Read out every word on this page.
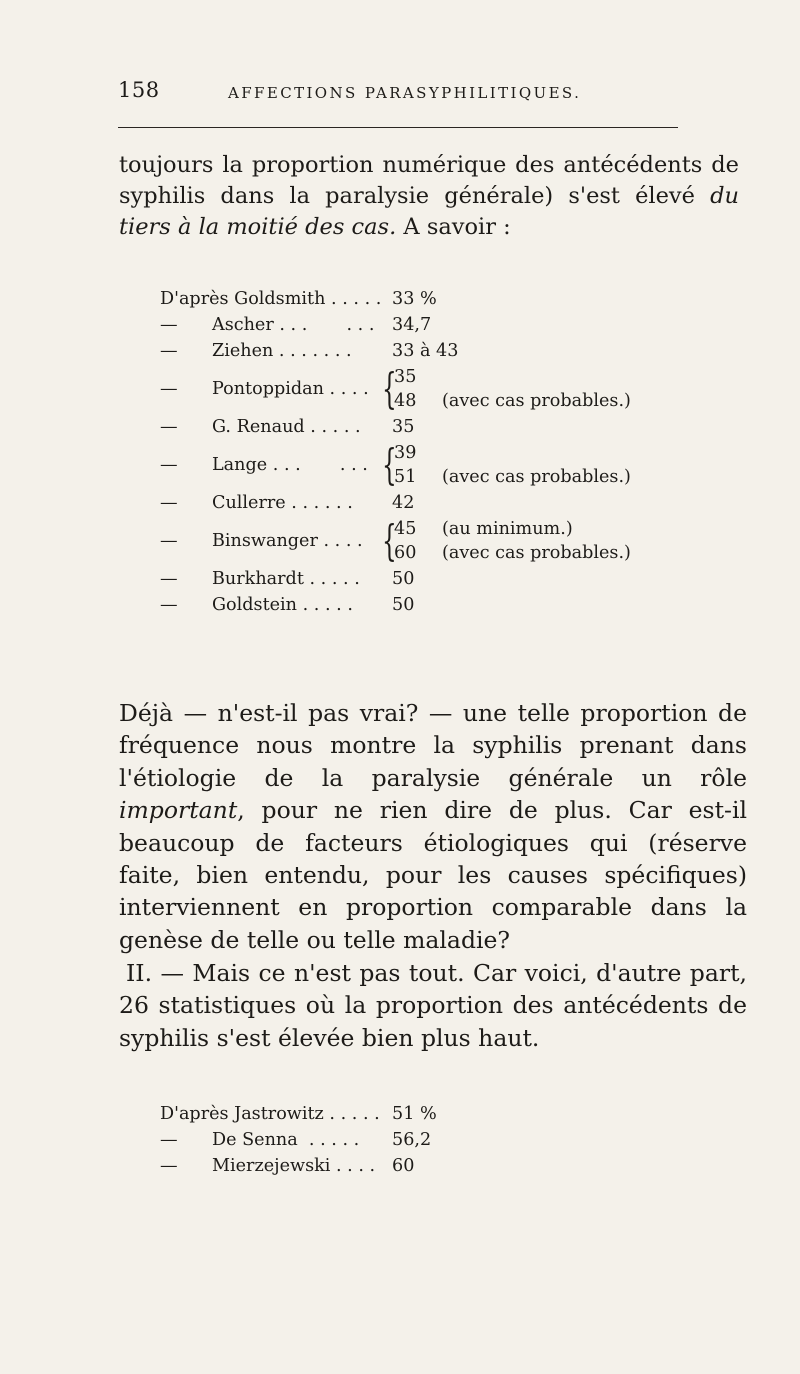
158	AFFECTIONS PARASYPHILITIQUES.

toujours la proportion numérique des antécédents de syphilis dans la paralysie générale) s'est élevé du tiers à la moitié des cas. A savoir :

D'après Goldsmith . . . . . 33 %
— Ascher . . .       . . . 34,7
— Ziehen . . . . . . . 33 à 43
— Pontoppidan . . . . {
35
48 (avec cas probables.)
— G. Renaud . . . . . 35
— Lange . . .       . . . {
39
51 (avec cas probables.)
— Cullerre . . . . . . 42
— Binswanger . . . . {
45 (au minimum.)
60 (avec cas probables.)
— Burkhardt . . . . . 50
— Goldstein . . . . . 50

Déjà — n'est-il pas vrai? — une telle proportion de fréquence nous montre la syphilis prenant dans l'étiologie de la paralysie générale un rôle important, pour ne rien dire de plus. Car est-il beaucoup de facteurs étiologiques qui (réserve faite, bien entendu, pour les causes spécifiques) interviennent en proportion comparable dans la genèse de telle ou telle maladie?

II. — Mais ce n'est pas tout. Car voici, d'autre part, 26 statistiques où la proportion des antécédents de syphilis s'est élevée bien plus haut.

D'après Jastrowitz . . . . . 51 %
— De Senna  . . . . . 56,2
— Mierzejewski . . . . 60
